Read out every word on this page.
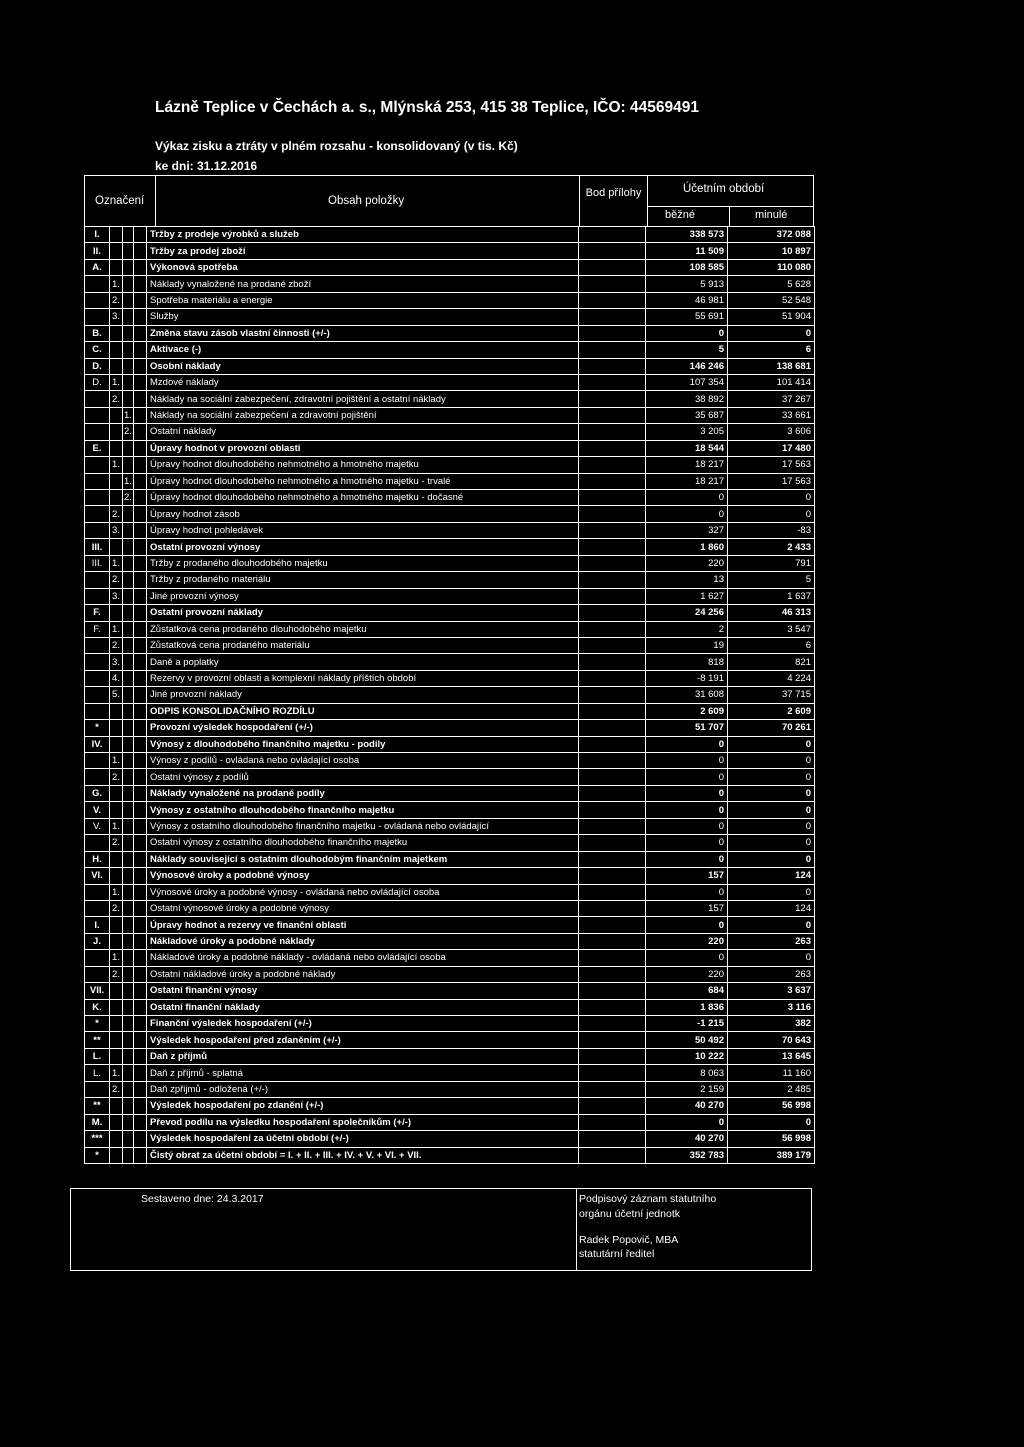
Lázně Teplice v Čechách a. s., Mlýnská 253, 415 38 Teplice, IČO: 44569491
Výkaz zisku a ztráty v plném rozsahu - konsolidovaný (v tis. Kč)
ke dni: 31.12.2016
Označení	Obsah položky
Bod přílohy	Účetním období
běžné	minulé
I.				Tržby z prodeje výrobků a služeb		338 573	372 088
II.				Tržby za prodej zboží		11 509	10 897
A.				Výkonová spotřeba		108 585	110 080
	1.			Náklady vynaložené na prodané zboží		5 913	5 628
	2.			Spotřeba materiálu a energie		46 981	52 548
	3.			Služby		55 691	51 904
B.				Změna stavu zásob vlastní činnosti (+/-)		0	0
C.				Aktivace (-)		5	6
D.				Osobní náklady		146 246	138 681
D.	1.			Mzdové náklady		107 354	101 414
	2.			Náklady na sociální zabezpečení, zdravotní pojištění a ostatní náklady		38 892	37 267
		1.		Náklady na sociální zabezpečení a zdravotní pojištění		35 687	33 661
		2.		Ostatní náklady		3 205	3 606
E.				Úpravy hodnot v provozní oblasti		18 544	17 480
	1.			Úpravy hodnot dlouhodobého nehmotného a hmotného majetku		18 217	17 563
		1.		Úpravy hodnot dlouhodobého nehmotného a hmotného majetku - trvalé		18 217	17 563
		2.		Úpravy hodnot dlouhodobého nehmotného a hmotného majetku - dočasné		0	0
	2.			Úpravy hodnot zásob		0	0
	3.			Úpravy hodnot pohledávek		327	-83
III.				Ostatní provozní výnosy		1 860	2 433
III.	1.			Tržby z prodaného dlouhodobého majetku		220	791
	2.			Tržby z prodaného materiálu		13	5
	3.			Jiné provozní výnosy		1 627	1 637
F.				Ostatní provozní náklady		24 256	46 313
F.	1.			Zůstatková cena prodaného dlouhodobého majetku		2	3 547
	2.			Zůstatková cena prodaného materiálu		19	6
	3.			Daně a poplatky		818	821
	4.			Rezervy v provozní oblasti a komplexní náklady příštích období		-8 191	4 224
	5.			Jiné provozní náklady		31 608	37 715
				ODPIS KONSOLIDAČNÍHO ROZDÍLU		2 609	2 609
*				Provozní výsledek hospodaření (+/-)		51 707	70 261
IV.				Výnosy z dlouhodobého finančního majetku - podíly		0	0
	1.			Výnosy z podílů - ovládaná nebo ovládající osoba		0	0
	2.			Ostatní výnosy z podílů		0	0
G.				Náklady vynaložené na prodané podíly		0	0
V.				Výnosy z ostatního dlouhodobého finančního majetku		0	0
V.	1.			Výnosy z ostatního dlouhodobého finančního majetku - ovládaná nebo ovládající		0	0
	2.			Ostatní výnosy z ostatního dlouhodobého finančního majetku		0	0
H.				Náklady související s ostatním dlouhodobým finančním majetkem		0	0
VI.				Výnosové úroky a podobné výnosy		157	124
	1.			Výnosové úroky a podobné výnosy - ovládaná nebo ovládající osoba		0	0
	2.			Ostatní výnosové úroky a podobné výnosy		157	124
I.				Úpravy hodnot a rezervy ve finanční oblasti		0	0
J.				Nákladové úroky a podobné náklady		220	263
	1.			Nákladové úroky a podobné náklady - ovládaná nebo ovládající osoba		0	0
	2.			Ostatní nákladové úroky a podobné náklady		220	263
VII.				Ostatní finanční výnosy		684	3 637
K.				Ostatní finanční náklady		1 836	3 116
*				Finanční výsledek hospodaření (+/-)		-1 215	382
**				Výsledek hospodaření před zdaněním (+/-)		50 492	70 643
L.				Daň z příjmů		10 222	13 645
L.	1.			Daň z příjmů - splatná		8 063	11 160
	2.			Daň zpřijmů - odložená (+/-)		2 159	2 485
**				Výsledek hospodaření po zdanění (+/-)		40 270	56 998
M.				Převod podílu na výsledku hospodaření společníkům (+/-)		0	0
***				Výsledek hospodaření za účetní období (+/-)		40 270	56 998
*				Čistý obrat za účetní období = I. + II. + III. + IV. + V. + VI. + VII.		352 783	389 179
Sestaveno dne: 24.3.2017	Podpisový záznam statutního
orgánu účetní jednotk
Radek Popovič, MBA
statutární ředitel
